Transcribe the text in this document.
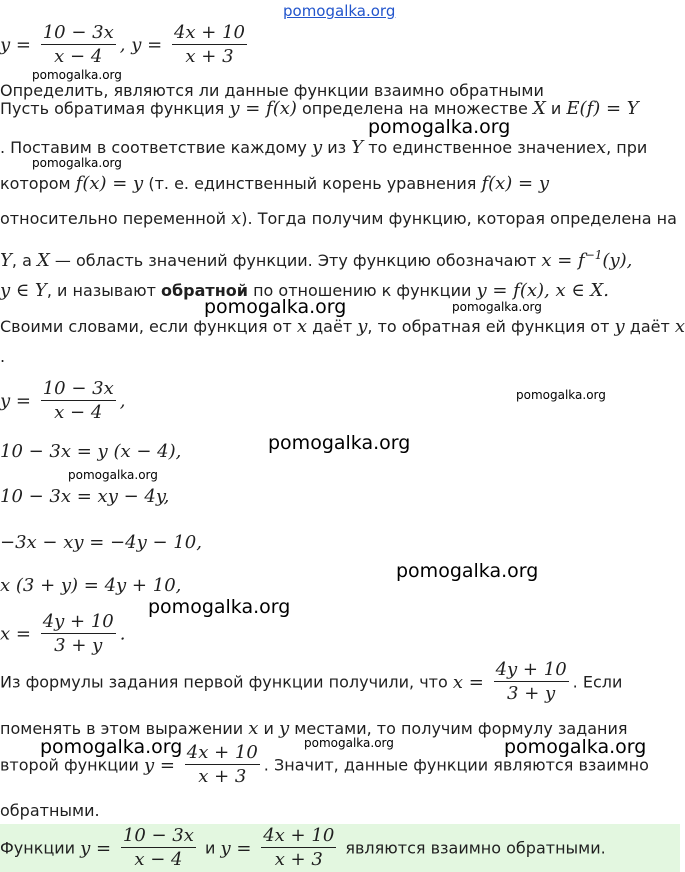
pomogalka.org
pomogalka.org
pomogalka.org
pomogalka.org
pomogalka.org	pomogalka.org
pomogalka.org
pomogalka.org
pomogalka.org
pomogalka.org
pomogalka.org
pomogalka.org	pomogalka.org	pomogalka.org
$y = \frac{10 - 3x}{x - 4}$ , $y = \frac{4x + 10}{x + 3}$
Определить, являются ли данные функции взаимно обратными
Пусть обратимая функция y = f(x) определена на множестве X и E(f) = Y
. Поставим в соответствие каждому y из Y то единственное значениеx, при
котором f(x) = y (т. е. единственный корень уравнения f(x) = y
относительно переменной x). Тогда получим функцию, которая определена на
Y, а X — область значений функции. Эту функцию обозначают $x = f^{-1}(y)$,
y ∈ Y, и называют обратной по отношению к функции y = f(x), x ∈ X.
Своими словами, если функция от x даёт y, то обратная ей функция от y даёт x
.
$y = \frac{10 - 3x}{x - 4}$ ,
10 − 3x = y (x − 4),
10 − 3x = xy − 4y,
−3x − xy = −4y − 10,
x (3 + y) = 4y + 10,
$x = \frac{4y + 10}{3 + y}$ .
Из формулы задания первой функции получили, что $x = \frac{4y + 10}{3 + y}$ . Если
поменять в этом выражении x и y местами, то получим формулу задания
второй функции $y = \frac{4x + 10}{x + 3}$ . Значит, данные функции являются взаимно
обратными.
Функции $y = \frac{10 - 3x}{x - 4}$ и $y = \frac{4x + 10}{x + 3}$ являются взаимно обратными.
